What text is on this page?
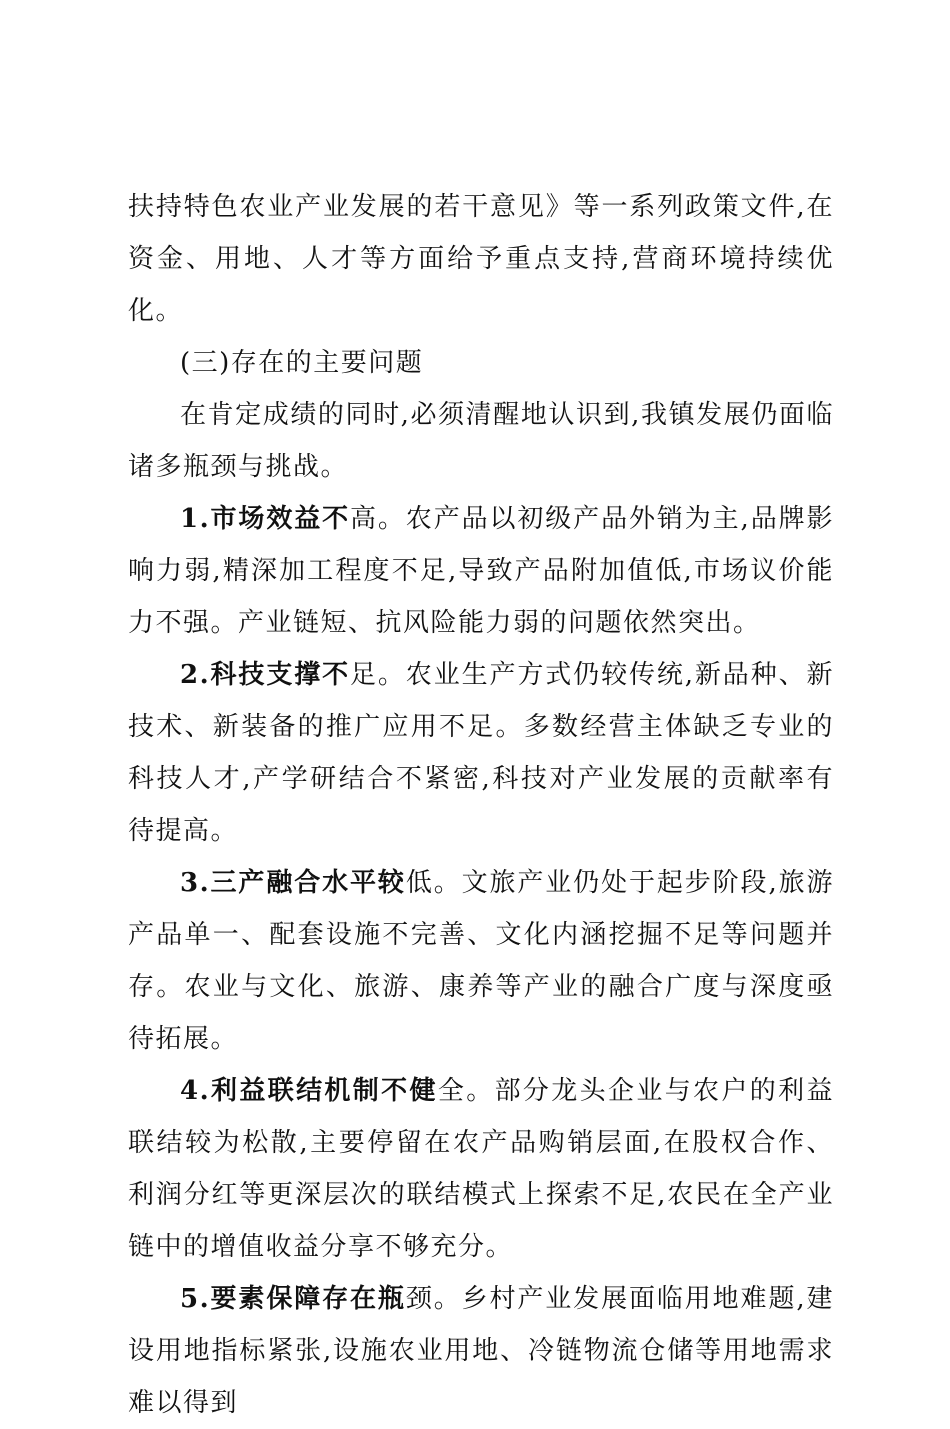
扶持特色农业产业发展的若干意见》等一系列政策文件,在资金、用地、人才等方面给予重点支持,营商环境持续优化。

(三)存在的主要问题

在肯定成绩的同时,必须清醒地认识到,我镇发展仍面临诸多瓶颈与挑战。

1.市场效益不高。农产品以初级产品外销为主,品牌影响力弱,精深加工程度不足,导致产品附加值低,市场议价能力不强。产业链短、抗风险能力弱的问题依然突出。

2.科技支撑不足。农业生产方式仍较传统,新品种、新技术、新装备的推广应用不足。多数经营主体缺乏专业的科技人才,产学研结合不紧密,科技对产业发展的贡献率有待提高。

3.三产融合水平较低。文旅产业仍处于起步阶段,旅游产品单一、配套设施不完善、文化内涵挖掘不足等问题并存。农业与文化、旅游、康养等产业的融合广度与深度亟待拓展。

4.利益联结机制不健全。部分龙头企业与农户的利益联结较为松散,主要停留在农产品购销层面,在股权合作、利润分红等更深层次的联结模式上探索不足,农民在全产业链中的增值收益分享不够充分。

5.要素保障存在瓶颈。乡村产业发展面临用地难题,建设用地指标紧张,设施农业用地、冷链物流仓储等用地需求难以得到
